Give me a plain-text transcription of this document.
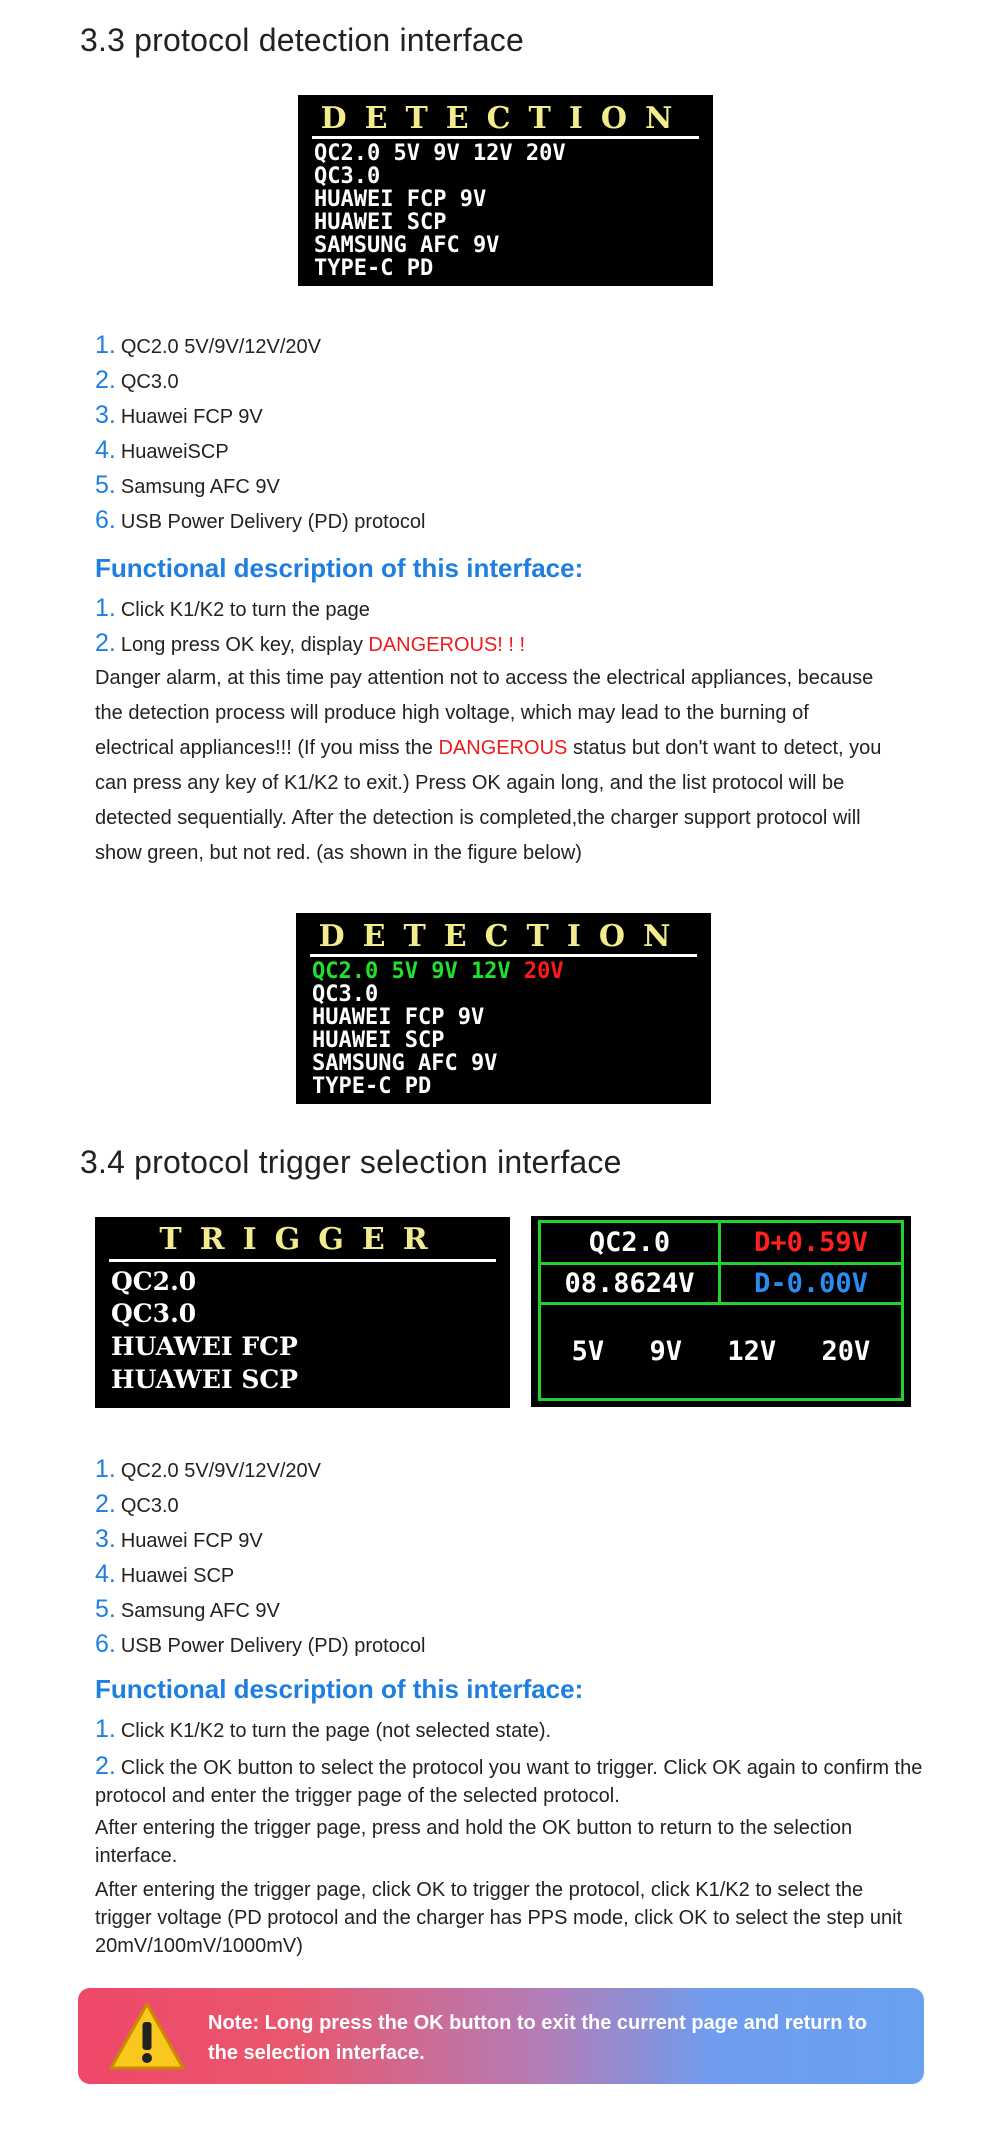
3.3 protocol detection interface
DETECTION
QC2.0 5V 9V 12V 20V
QC3.0
HUAWEI FCP 9V
HUAWEI SCP
SAMSUNG AFC 9V
TYPE-C PD
1. QC2.0 5V/9V/12V/20V
2. QC3.0
3. Huawei FCP 9V
4. HuaweiSCP
5. Samsung AFC 9V
6. USB Power Delivery (PD) protocol
Functional description of this interface:
1. Click K1/K2 to turn the page
2. Long press OK key, display DANGEROUS! ! !
Danger alarm, at this time pay attention not to access the electrical appliances, because the detection process will produce high voltage, which may lead to the burning of electrical appliances!!! (If you miss the DANGEROUS status but don't want to detect, you can press any key of K1/K2 to exit.) Press OK again long, and the list protocol will be detected sequentially. After the detection is completed,the charger support protocol will show green, but not red. (as shown in the figure below)
DETECTION
QC2.0 5V 9V 12V 20V
QC3.0
HUAWEI FCP 9V
HUAWEI SCP
SAMSUNG AFC 9V
TYPE-C PD
3.4 protocol trigger selection interface
TRIGGER
QC2.0
QC3.0
HUAWEI FCP
HUAWEI SCP
QC2.0	D+0.59V
08.8624V	D-0.00V
5V 9V 12V 20V
1. QC2.0 5V/9V/12V/20V
2. QC3.0
3. Huawei FCP 9V
4. Huawei SCP
5. Samsung AFC 9V
6. USB Power Delivery (PD) protocol
Functional description of this interface:
1. Click K1/K2 to turn the page (not selected state).
2. Click the OK button to select the protocol you want to trigger. Click OK again to confirm the protocol and enter the trigger page of the selected protocol.
After entering the trigger page, press and hold the OK button to return to the selection interface.
After entering the trigger page, click OK to trigger the protocol, click K1/K2 to select the trigger voltage (PD protocol and the charger has PPS mode, click OK to select the step unit 20mV/100mV/1000mV)
Note: Long press the OK button to exit the current page and return to the selection interface.
